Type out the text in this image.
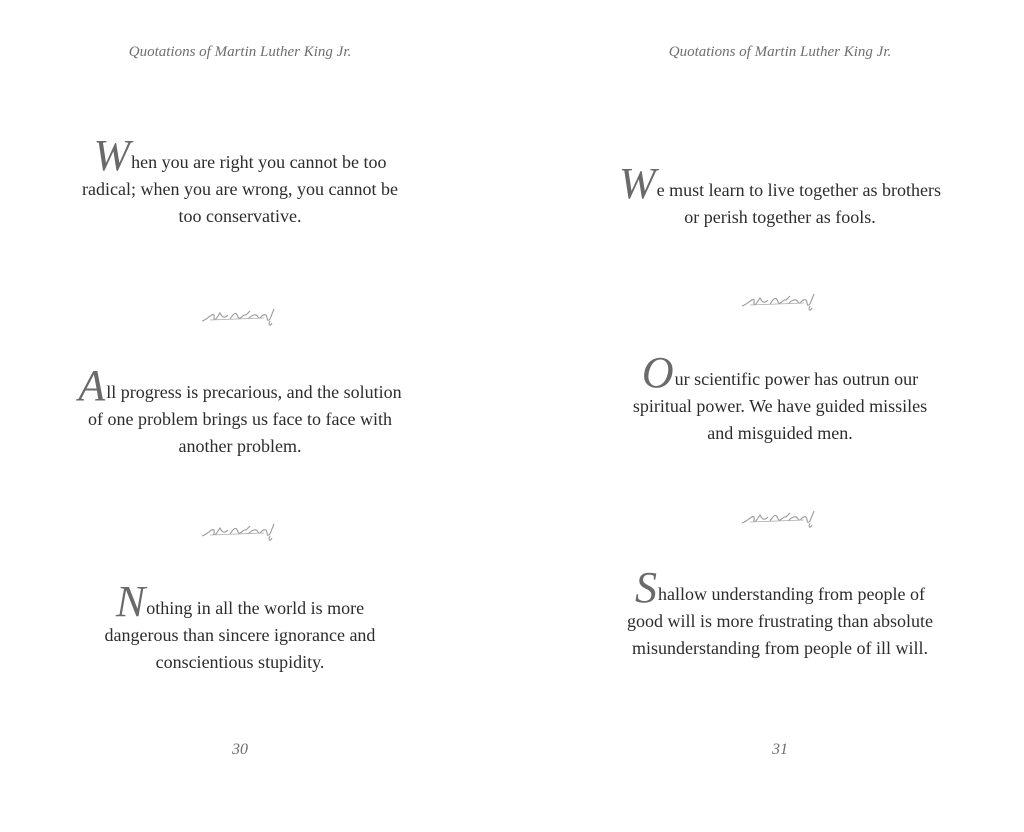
Quotations of Martin Luther King Jr.
When you are right you cannot be too
radical; when you are wrong, you cannot be
too conservative.
All progress is precarious, and the solution
of one problem brings us face to face with
another problem.
Nothing in all the world is more
dangerous than sincere ignorance and
conscientious stupidity.
30
Quotations of Martin Luther King Jr.
We must learn to live together as brothers
or perish together as fools.
Our scientific power has outrun our
spiritual power. We have guided missiles
and misguided men.
Shallow understanding from people of
good will is more frustrating than absolute
misunderstanding from people of ill will.
31
